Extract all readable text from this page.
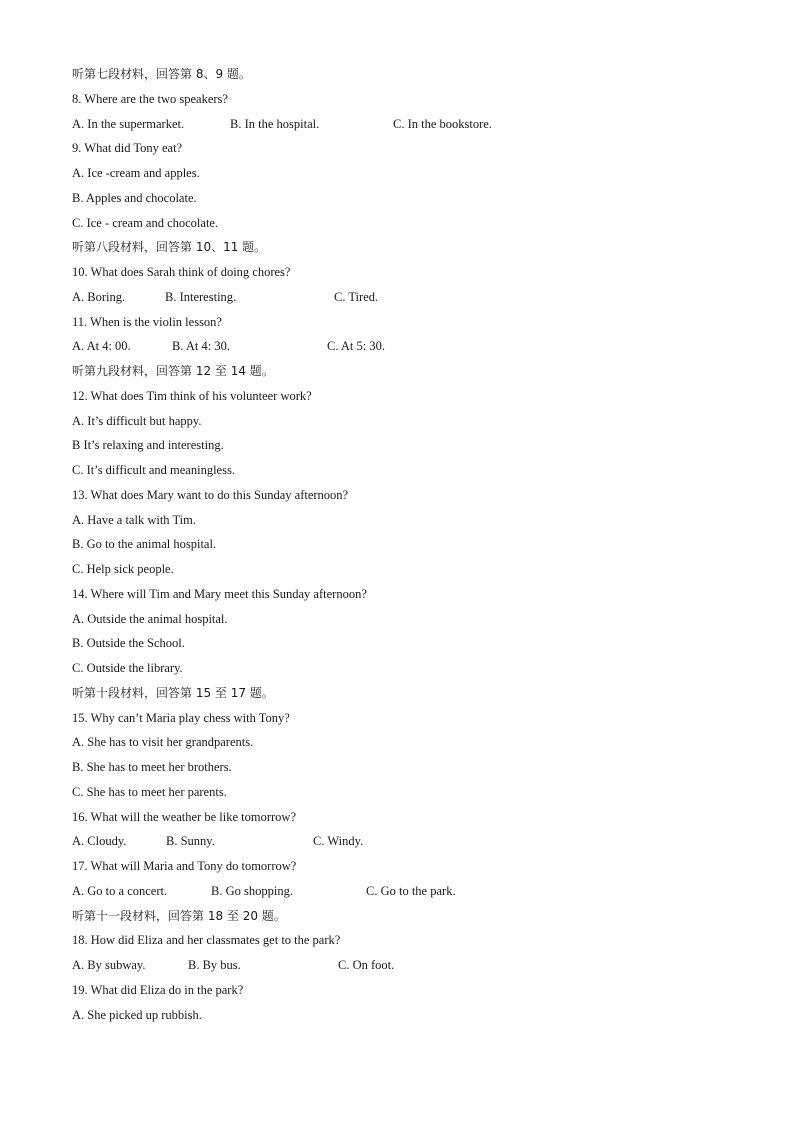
听第七段材料，回答第 8、9 题。
8. Where are the two speakers?
A. In the supermarket.	B. In the hospital.	C. In the bookstore.
9. What did Tony eat?
A. Ice -cream and apples.
B. Apples and chocolate.
C. Ice - cream and chocolate.
听第八段材料，回答第 10、11 题。
10. What does Sarah think of doing chores?
A. Boring.	B. Interesting.	C. Tired.
11. When is the violin lesson?
A. At 4: 00.	B. At 4: 30.	C. At 5: 30.
听第九段材料，回答第 12 至 14 题。
12. What does Tim think of his volunteer work?
A. It’s difficult but happy.
B It’s relaxing and interesting.
C. It’s difficult and meaningless.
13. What does Mary want to do this Sunday afternoon?
A. Have a talk with Tim.
B. Go to the animal hospital.
C. Help sick people.
14. Where will Tim and Mary meet this Sunday afternoon?
A. Outside the animal hospital.
B. Outside the School.
C. Outside the library.
听第十段材料，回答第 15 至 17 题。
15. Why can’t Maria play chess with Tony?
A. She has to visit her grandparents.
B. She has to meet her brothers.
C. She has to meet her parents.
16. What will the weather be like tomorrow?
A. Cloudy.	B. Sunny.	C. Windy.
17. What will Maria and Tony do tomorrow?
A. Go to a concert.	B. Go shopping.	C. Go to the park.
听第十一段材料，回答第 18 至 20 题。
18. How did Eliza and her classmates get to the park?
A. By subway.	B. By bus.	C. On foot.
19. What did Eliza do in the park?
A. She picked up rubbish.
